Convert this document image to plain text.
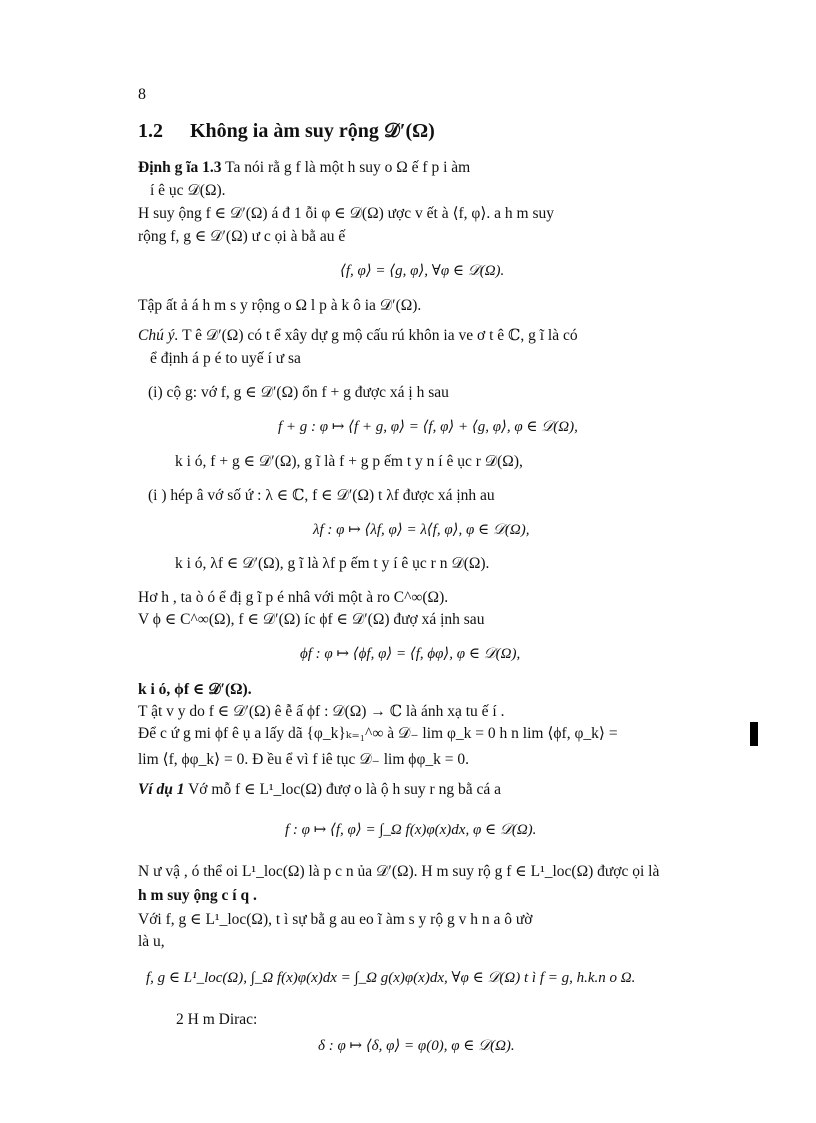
8
1.2 Không ia àm suy rộng 𝒟′(Ω)
Định g ĩa 1.3 Ta nói rằ g f là một h suy o Ω ế f p i àm
í ê ục 𝒟(Ω).
H suy ộng f ∈ 𝒟′(Ω) á đ 1 ỗi φ ∈ 𝒟(Ω) ược v ết à ⟨f, φ⟩. a h m suy
rộng f, g ∈ 𝒟′(Ω) ư c ọi à bằ au ế
⟨f, φ⟩ = ⟨g, φ⟩, ∀φ ∈ 𝒟(Ω).
Tập ất ả á h m s y rộng o Ω l p à k ô ia 𝒟′(Ω).
Chú ý. T ê 𝒟′(Ω) có t ể xây dự g mộ cấu rú khôn ia ve ơ t ê ℂ, g ĩ là có
ể định á p é to uyế í ư sa
(i) cộ g: vớ f, g ∈ 𝒟′(Ω) ổn f + g được xá ị h sau
f + g : φ ↦ ⟨f + g, φ⟩ = ⟨f, φ⟩ + ⟨g, φ⟩, φ ∈ 𝒟(Ω),
k i ó, f + g ∈ 𝒟′(Ω), g ĩ là f + g p ếm t y n í ê ục r 𝒟(Ω),
(i ) hép â vớ số ứ : λ ∈ ℂ, f ∈ 𝒟′(Ω) t λf được xá ịnh au
λf : φ ↦ ⟨λf, φ⟩ = λ⟨f, φ⟩, φ ∈ 𝒟(Ω),
k i ó, λf ∈ 𝒟′(Ω), g ĩ là λf p ếm t y í ê ục r n 𝒟(Ω).
Hơ h , ta ò ó ể đị g ĩ p é nhâ với một à ro C^∞(Ω).
V ϕ ∈ C^∞(Ω), f ∈ 𝒟′(Ω) íc ϕf ∈ 𝒟′(Ω) đượ xá ịnh sau
ϕf : φ ↦ ⟨ϕf, φ⟩ = ⟨f, ϕφ⟩, φ ∈ 𝒟(Ω),
k i ó, ϕf ∈ 𝒟′(Ω).
T ật v y do f ∈ 𝒟′(Ω) ê ễ ấ ϕf : 𝒟(Ω) → ℂ là ánh xạ tu ế í .
Để c ứ g mi ϕf ê ụ a lấy dã {φ_k}ₖ₌₁^∞ à 𝒟₋ lim φ_k = 0 h n lim ⟨ϕf, φ_k⟩ =
lim ⟨f, ϕφ_k⟩ = 0. Đ ều ể vì f iê tục 𝒟₋ lim ϕφ_k = 0.
Ví dụ 1 Vớ mỗ f ∈ L¹_loc(Ω) đượ o là ộ h suy r ng bằ cá a
f : φ ↦ ⟨f, φ⟩ = ∫_Ω f(x)φ(x)dx, φ ∈ 𝒟(Ω).
N ư vậ , ó thể oi L¹_loc(Ω) là p c n ủa 𝒟′(Ω). H m suy rộ g f ∈ L¹_loc(Ω) được ọi là
h m suy ộng c í q .
Với f, g ∈ L¹_loc(Ω), t ì sự bằ g au eo ĩ àm s y rộ g v h n a ô ườ
là u,
f, g ∈ L¹_loc(Ω), ∫_Ω f(x)φ(x)dx = ∫_Ω g(x)φ(x)dx, ∀φ ∈ 𝒟(Ω) t ì f = g, h.k.n o Ω.
2 H m Dirac:
δ : φ ↦ ⟨δ, φ⟩ = φ(0), φ ∈ 𝒟(Ω).
